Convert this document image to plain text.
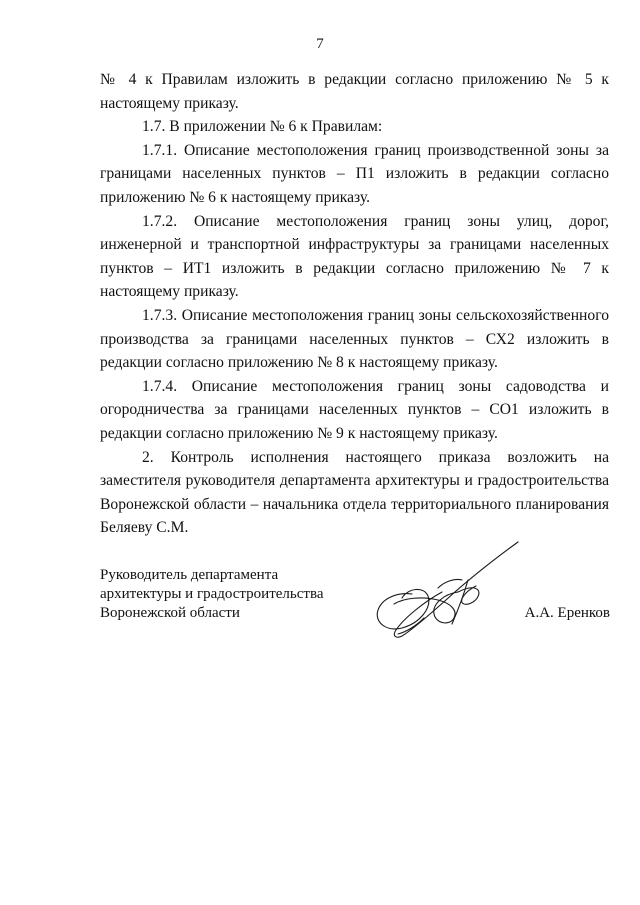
7

№ 4 к Правилам изложить в редакции согласно приложению № 5 к настоящему приказу.

1.7. В приложении № 6 к Правилам:

1.7.1. Описание местоположения границ производственной зоны за границами населенных пунктов – П1 изложить в редакции согласно приложению № 6 к настоящему приказу.

1.7.2. Описание местоположения границ зоны улиц, дорог, инженерной и транспортной инфраструктуры за границами населенных пунктов – ИТ1 изложить в редакции согласно приложению № 7 к настоящему приказу.

1.7.3. Описание местоположения границ зоны сельскохозяйственного производства за границами населенных пунктов – СХ2 изложить в редакции согласно приложению № 8 к настоящему приказу.

1.7.4. Описание местоположения границ зоны садоводства и огородничества за границами населенных пунктов – СО1 изложить в редакции согласно приложению № 9 к настоящему приказу.

2. Контроль исполнения настоящего приказа возложить на заместителя руководителя департамента архитектуры и градостроительства Воронежской области – начальника отдела территориального планирования Беляеву С.М.

Руководитель департамента
архитектуры и градостроительства
Воронежской области	А.А. Еренков
